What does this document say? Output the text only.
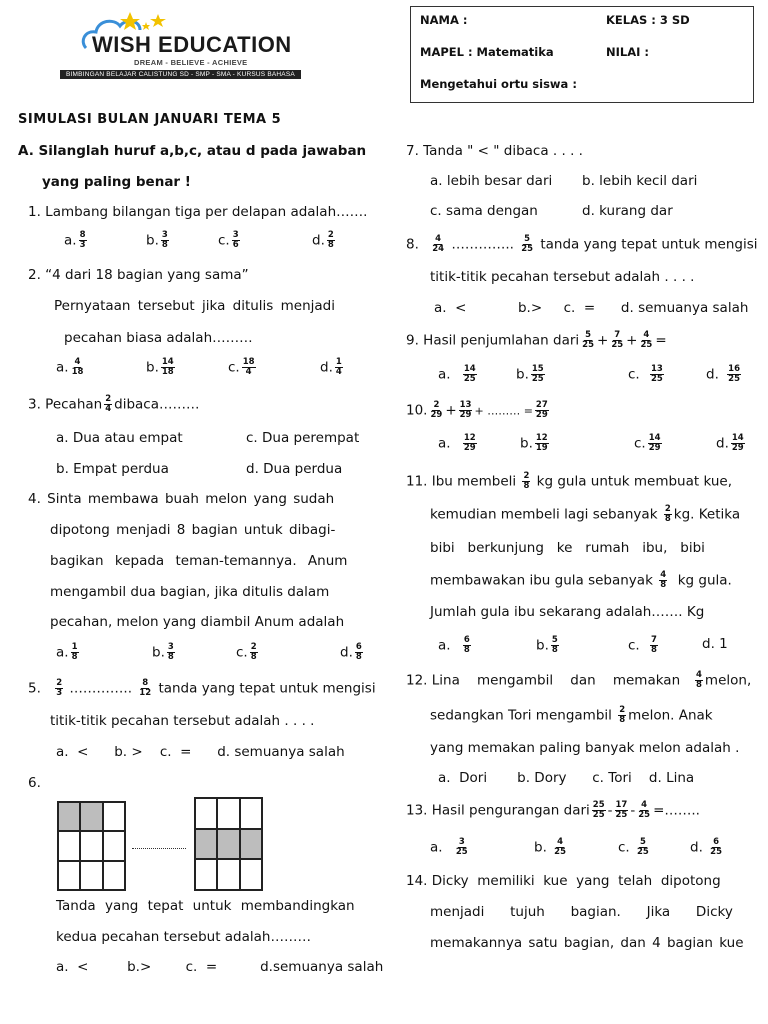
WISH EDUCATION
DREAM - BELIEVE - ACHIEVE
BIMBINGAN BELAJAR CALISTUNG SD - SMP - SMA - KURSUS BAHASA
NAMA :	KELAS : 3 SD
MAPEL : Matematika	NILAI :
Mengetahui ortu siswa :
SIMULASI BULAN JANUARI TEMA 5
A. Silanglah huruf a,b,c, atau d pada jawaban
yang paling benar !
1. Lambang bilangan tiga per delapan adalah…….
a. $\frac{8}{3}$	b. $\frac{3}{8}$	c. $\frac{3}{6}$	d. $\frac{2}{8}$
2. “4 dari 18 bagian yang sama”
Pernyataan tersebut jika ditulis menjadi
pecahan biasa adalah………
a. $\frac{4}{18}$	b. $\frac{14}{18}$	c. $\frac{18}{4}$	d. $\frac{1}{4}$
3. Pecahan $\frac{2}{4}$ dibaca………
a. Dua atau empat	c. Dua perempat
b. Empat perdua	d. Dua perdua
4. Sinta membawa buah melon yang sudah
dipotong menjadi 8 bagian untuk dibagi-
bagikan kepada teman-temannya. Anum
mengambil dua bagian, jika ditulis dalam
pecahan, melon yang diambil Anum adalah
a. $\frac{1}{8}$	b. $\frac{3}{8}$	c. $\frac{2}{8}$	d. $\frac{6}{8}$
5. $\frac{2}{3}$ ………….. $\frac{8}{12}$ tanda yang tepat untuk mengisi
titik-titik pecahan tersebut adalah . . . .
a.  <      b. >    c.  =      d. semuanya salah
6.
Tanda yang tepat untuk membandingkan
kedua pecahan tersebut adalah………
a.  <         b.>        c.  =          d.semuanya salah
7. Tanda " < " dibaca . . . .
a. lebih besar dari b. lebih kecil dari
c. sama dengan	d. kurang dar
8. $\frac{4}{24}$ ………….. $\frac{5}{25}$ tanda yang tepat untuk mengisi
titik-titik pecahan tersebut adalah . . . .
a.  <            b.>     c.  =      d. semuanya salah
9. Hasil penjumlahan dari $\frac{5}{25} + \frac{7}{25} + \frac{4}{25}$ =
a. $\frac{14}{25}$	b. $\frac{15}{25}$	c. $\frac{13}{25}$	d. $\frac{16}{25}$
10. $\frac{2}{29} + \frac{13}{29}$ + ……… = $\frac{27}{29}$
a. $\frac{12}{29}$	b. $\frac{12}{19}$	c. $\frac{14}{29}$	d. $\frac{14}{29}$
11. Ibu membeli $\frac{2}{8}$ kg gula untuk membuat kue,
kemudian membeli lagi sebanyak $\frac{2}{8}$ kg. Ketika
bibi   berkunjung   ke   rumah   ibu,   bibi
membawakan ibu gula sebanyak $\frac{4}{8}$ kg gula.
Jumlah gula ibu sekarang adalah……. Kg
a. $\frac{6}{8}$	b. $\frac{5}{8}$	c. $\frac{7}{8}$	d. 1
12. Lina    mengambil    dan    memakan $\frac{4}{8}$ melon,
sedangkan Tori mengambil $\frac{2}{8}$ melon. Anak
yang memakan paling banyak melon adalah .
a.  Dori       b. Dory      c. Tori    d. Lina
13. Hasil pengurangan dari $\frac{25}{25} - \frac{17}{25} - \frac{4}{25}$ =……..
a. $\frac{3}{25}$	b. $\frac{4}{25}$	c. $\frac{5}{25}$	d. $\frac{6}{25}$
14. Dicky  memiliki  kue  yang  telah  dipotong
menjadi      tujuh      bagian.      Jika      Dicky
memakannya satu bagian, dan 4 bagian kue
